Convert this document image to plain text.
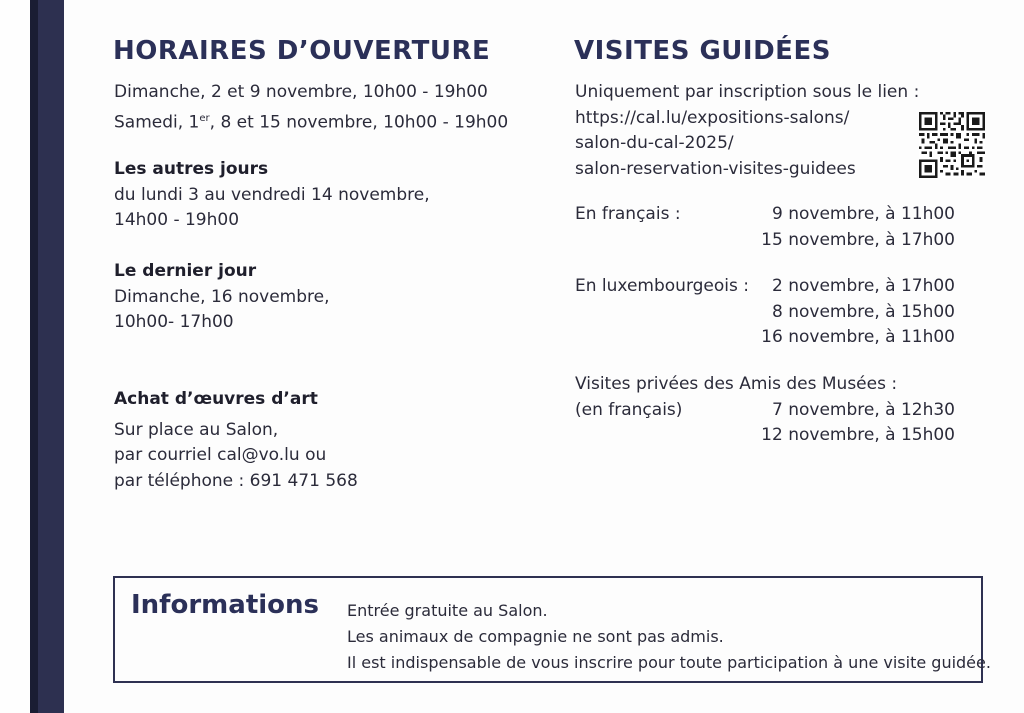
HORAIRES D’OUVERTURE
Dimanche, 2 et 9 novembre, 10h00 - 19h00
Samedi, 1er, 8 et 15 novembre, 10h00 - 19h00
Les autres jours
du lundi 3 au vendredi 14 novembre,
14h00 - 19h00
Le dernier jour
Dimanche, 16 novembre,
10h00- 17h00
Achat d’œuvres d’art
Sur place au Salon,
par courriel cal@vo.lu ou
par téléphone : 691 471 568
VISITES GUIDÉES
Uniquement par inscription sous le lien :
https://cal.lu/expositions-salons/
salon-du-cal-2025/
salon-reservation-visites-guidees
En français :	9 novembre, à 11h00
15 novembre, à 17h00
En luxembourgeois :	2 novembre, à 17h00
8 novembre, à 15h00
16 novembre, à 11h00
Visites privées des Amis des Musées :
(en français)	7 novembre, à 12h30
12 novembre, à 15h00
Informations Entrée gratuite au Salon.
Les animaux de compagnie ne sont pas admis.
Il est indispensable de vous inscrire pour toute participation à une visite guidée.
